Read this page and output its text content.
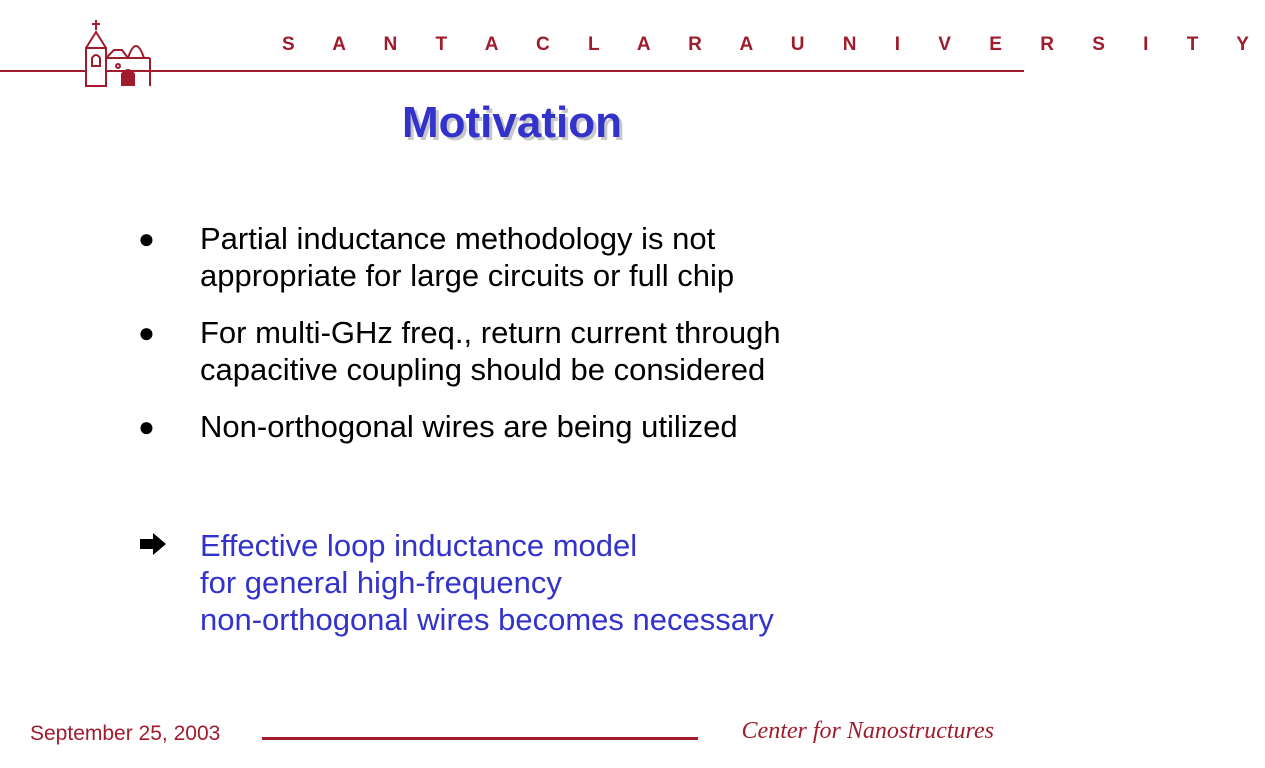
S A N T A C L A R A U N I V E R S I T Y
Motivation
● Partial inductance methodology is not
appropriate for large circuits or full chip
● For multi-GHz freq., return current through
capacitive coupling should be considered
● Non-orthogonal wires are being utilized
Effective loop inductance model
for general high-frequency
non-orthogonal wires becomes necessary
September 25, 2003	Center for Nanostructures
